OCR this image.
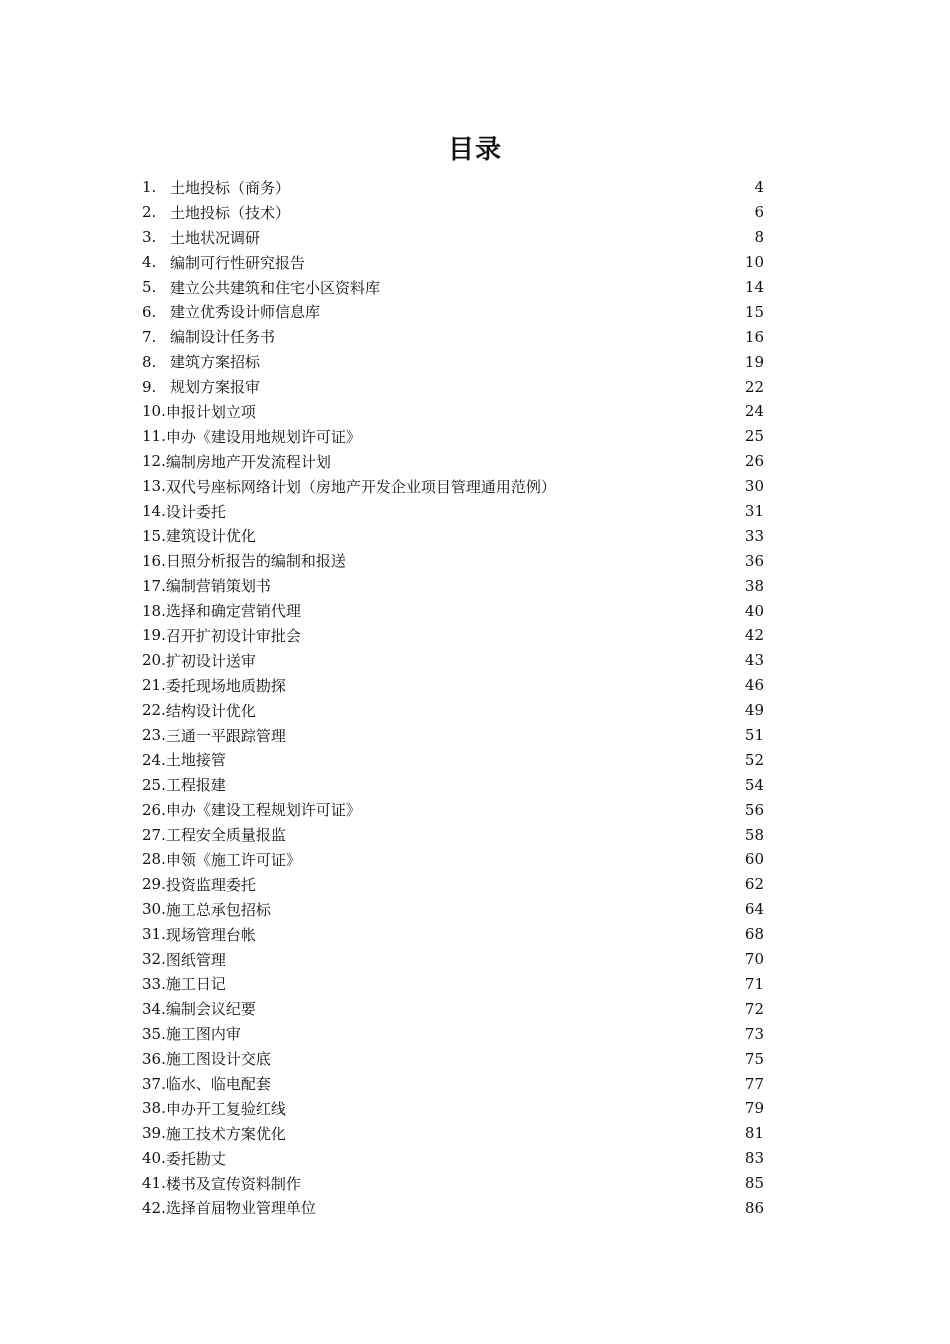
目录
1. 土地投标（商务）	4
2. 土地投标（技术）	6
3. 土地状况调研	8
4. 编制可行性研究报告	10
5. 建立公共建筑和住宅小区资料库	14
6. 建立优秀设计师信息库	15
7. 编制设计任务书	16
8. 建筑方案招标	19
9. 规划方案报审	22
10. 申报计划立项	24
11. 申办《建设用地规划许可证》	25
12. 编制房地产开发流程计划	26
13. 双代号座标网络计划（房地产开发企业项目管理通用范例）	30
14. 设计委托	31
15. 建筑设计优化	33
16. 日照分析报告的编制和报送	36
17. 编制营销策划书	38
18. 选择和确定营销代理	40
19. 召开扩初设计审批会	42
20. 扩初设计送审	43
21. 委托现场地质勘探	46
22. 结构设计优化	49
23. 三通一平跟踪管理	51
24. 土地接管	52
25. 工程报建	54
26. 申办《建设工程规划许可证》	56
27. 工程安全质量报监	58
28. 申领《施工许可证》	60
29. 投资监理委托	62
30. 施工总承包招标	64
31. 现场管理台帐	68
32. 图纸管理	70
33. 施工日记	71
34. 编制会议纪要	72
35. 施工图内审	73
36. 施工图设计交底	75
37. 临水、临电配套	77
38. 申办开工复验红线	79
39. 施工技术方案优化	81
40. 委托勘丈	83
41. 楼书及宣传资料制作	85
42. 选择首届物业管理单位	86
